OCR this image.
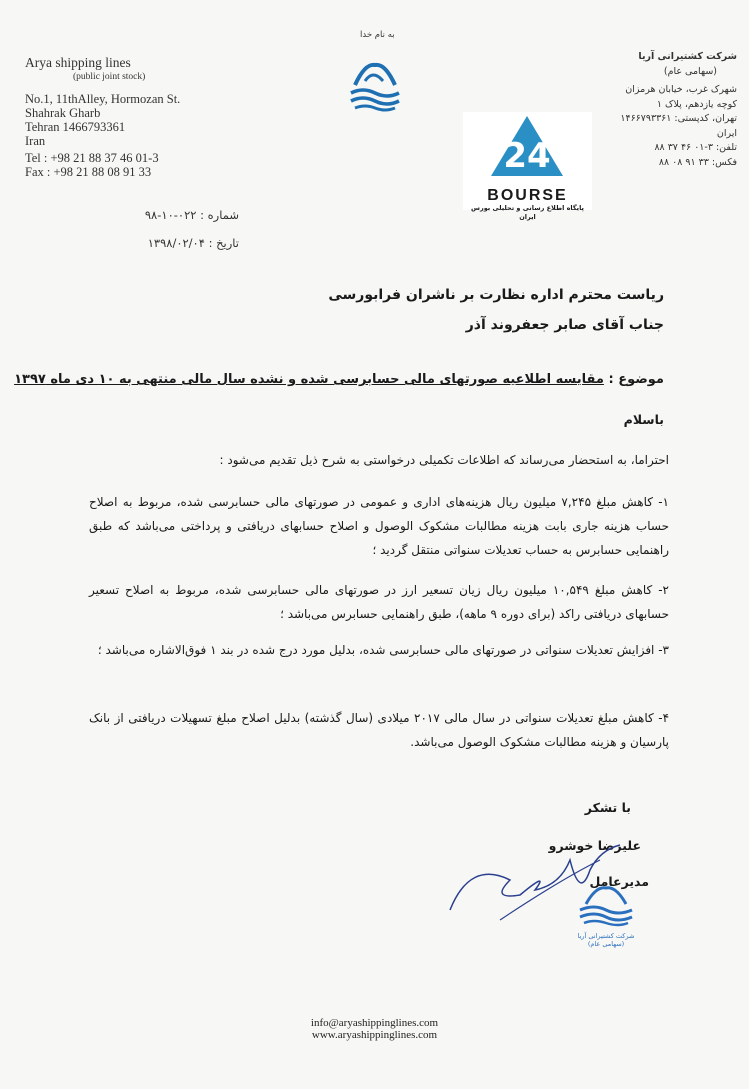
Arya shipping lines
(public joint stock)
No.1, 11thAlley, Hormozan St.
Shahrak Gharb
Tehran 1466793361
Iran
Tel : +98 21 88 37 46 01-3
Fax : +98 21 88 08 91 33
به نام خدا
شرکت کشتیرانی آریا
(سهامی عام)
شهرک غرب، خیابان هرمزان
کوچه یازدهم، پلاک ۱
تهران، کدپستی: ۱۴۶۶۷۹۳۳۶۱
ایران
تلفن: ۳-۰۱ ۴۶ ۳۷ ۸۸
فکس: ۳۳ ۹۱ ۰۸ ۸۸
24
BOURSE
پایگاه اطلاع رسانی و تحلیلی بورس ایران
شماره : ۰۲۲-۱۰-۹۸
تاریخ : ۱۳۹۸/۰۲/۰۴
ریاست محترم اداره نظارت بر ناشران فرابورسی
جناب آقای صابر جعفروند آذر
موضوع : مقایسه اطلاعیه صورتهای مالی حسابرسی شده و نشده سال مالی منتهی به ۱۰ دی ماه ۱۳۹۷
باسلام
احتراما، به استحضار می‌رساند که اطلاعات تکمیلی درخواستی به شرح ذیل تقدیم می‌شود :
۱- کاهش مبلغ ۷,۲۴۵ میلیون ریال هزینه‌های اداری و عمومی در صورتهای مالی حسابرسی شده، مربوط به اصلاح حساب هزینه جاری بابت هزینه مطالبات مشکوک الوصول و اصلاح حسابهای دریافتی و پرداختی می‌باشد که طبق راهنمایی حسابرس به حساب تعدیلات سنواتی منتقل گردید ؛
۲- کاهش مبلغ ۱۰,۵۴۹ میلیون ریال زیان تسعیر ارز در صورتهای مالی حسابرسی شده، مربوط به اصلاح تسعیر حسابهای دریافتی راکد (برای دوره ۹ ماهه)، طبق راهنمایی حسابرس می‌باشد ؛
۳- افزایش تعدیلات سنواتی در صورتهای مالی حسابرسی شده، بدلیل مورد درج شده در بند ۱ فوق‌الاشاره می‌باشد ؛
۴- کاهش مبلغ تعدیلات سنواتی در سال مالی ۲۰۱۷ میلادی (سال گذشته) بدلیل اصلاح مبلغ تسهیلات دریافتی از بانک پارسیان و هزینه مطالبات مشکوک الوصول می‌باشد.
با تشکر
علیرضا خوشرو
مدیرعامل
شرکت کشتیرانی آریا (سهامی عام)
info@aryashippinglines.com
www.aryashippinglines.com
